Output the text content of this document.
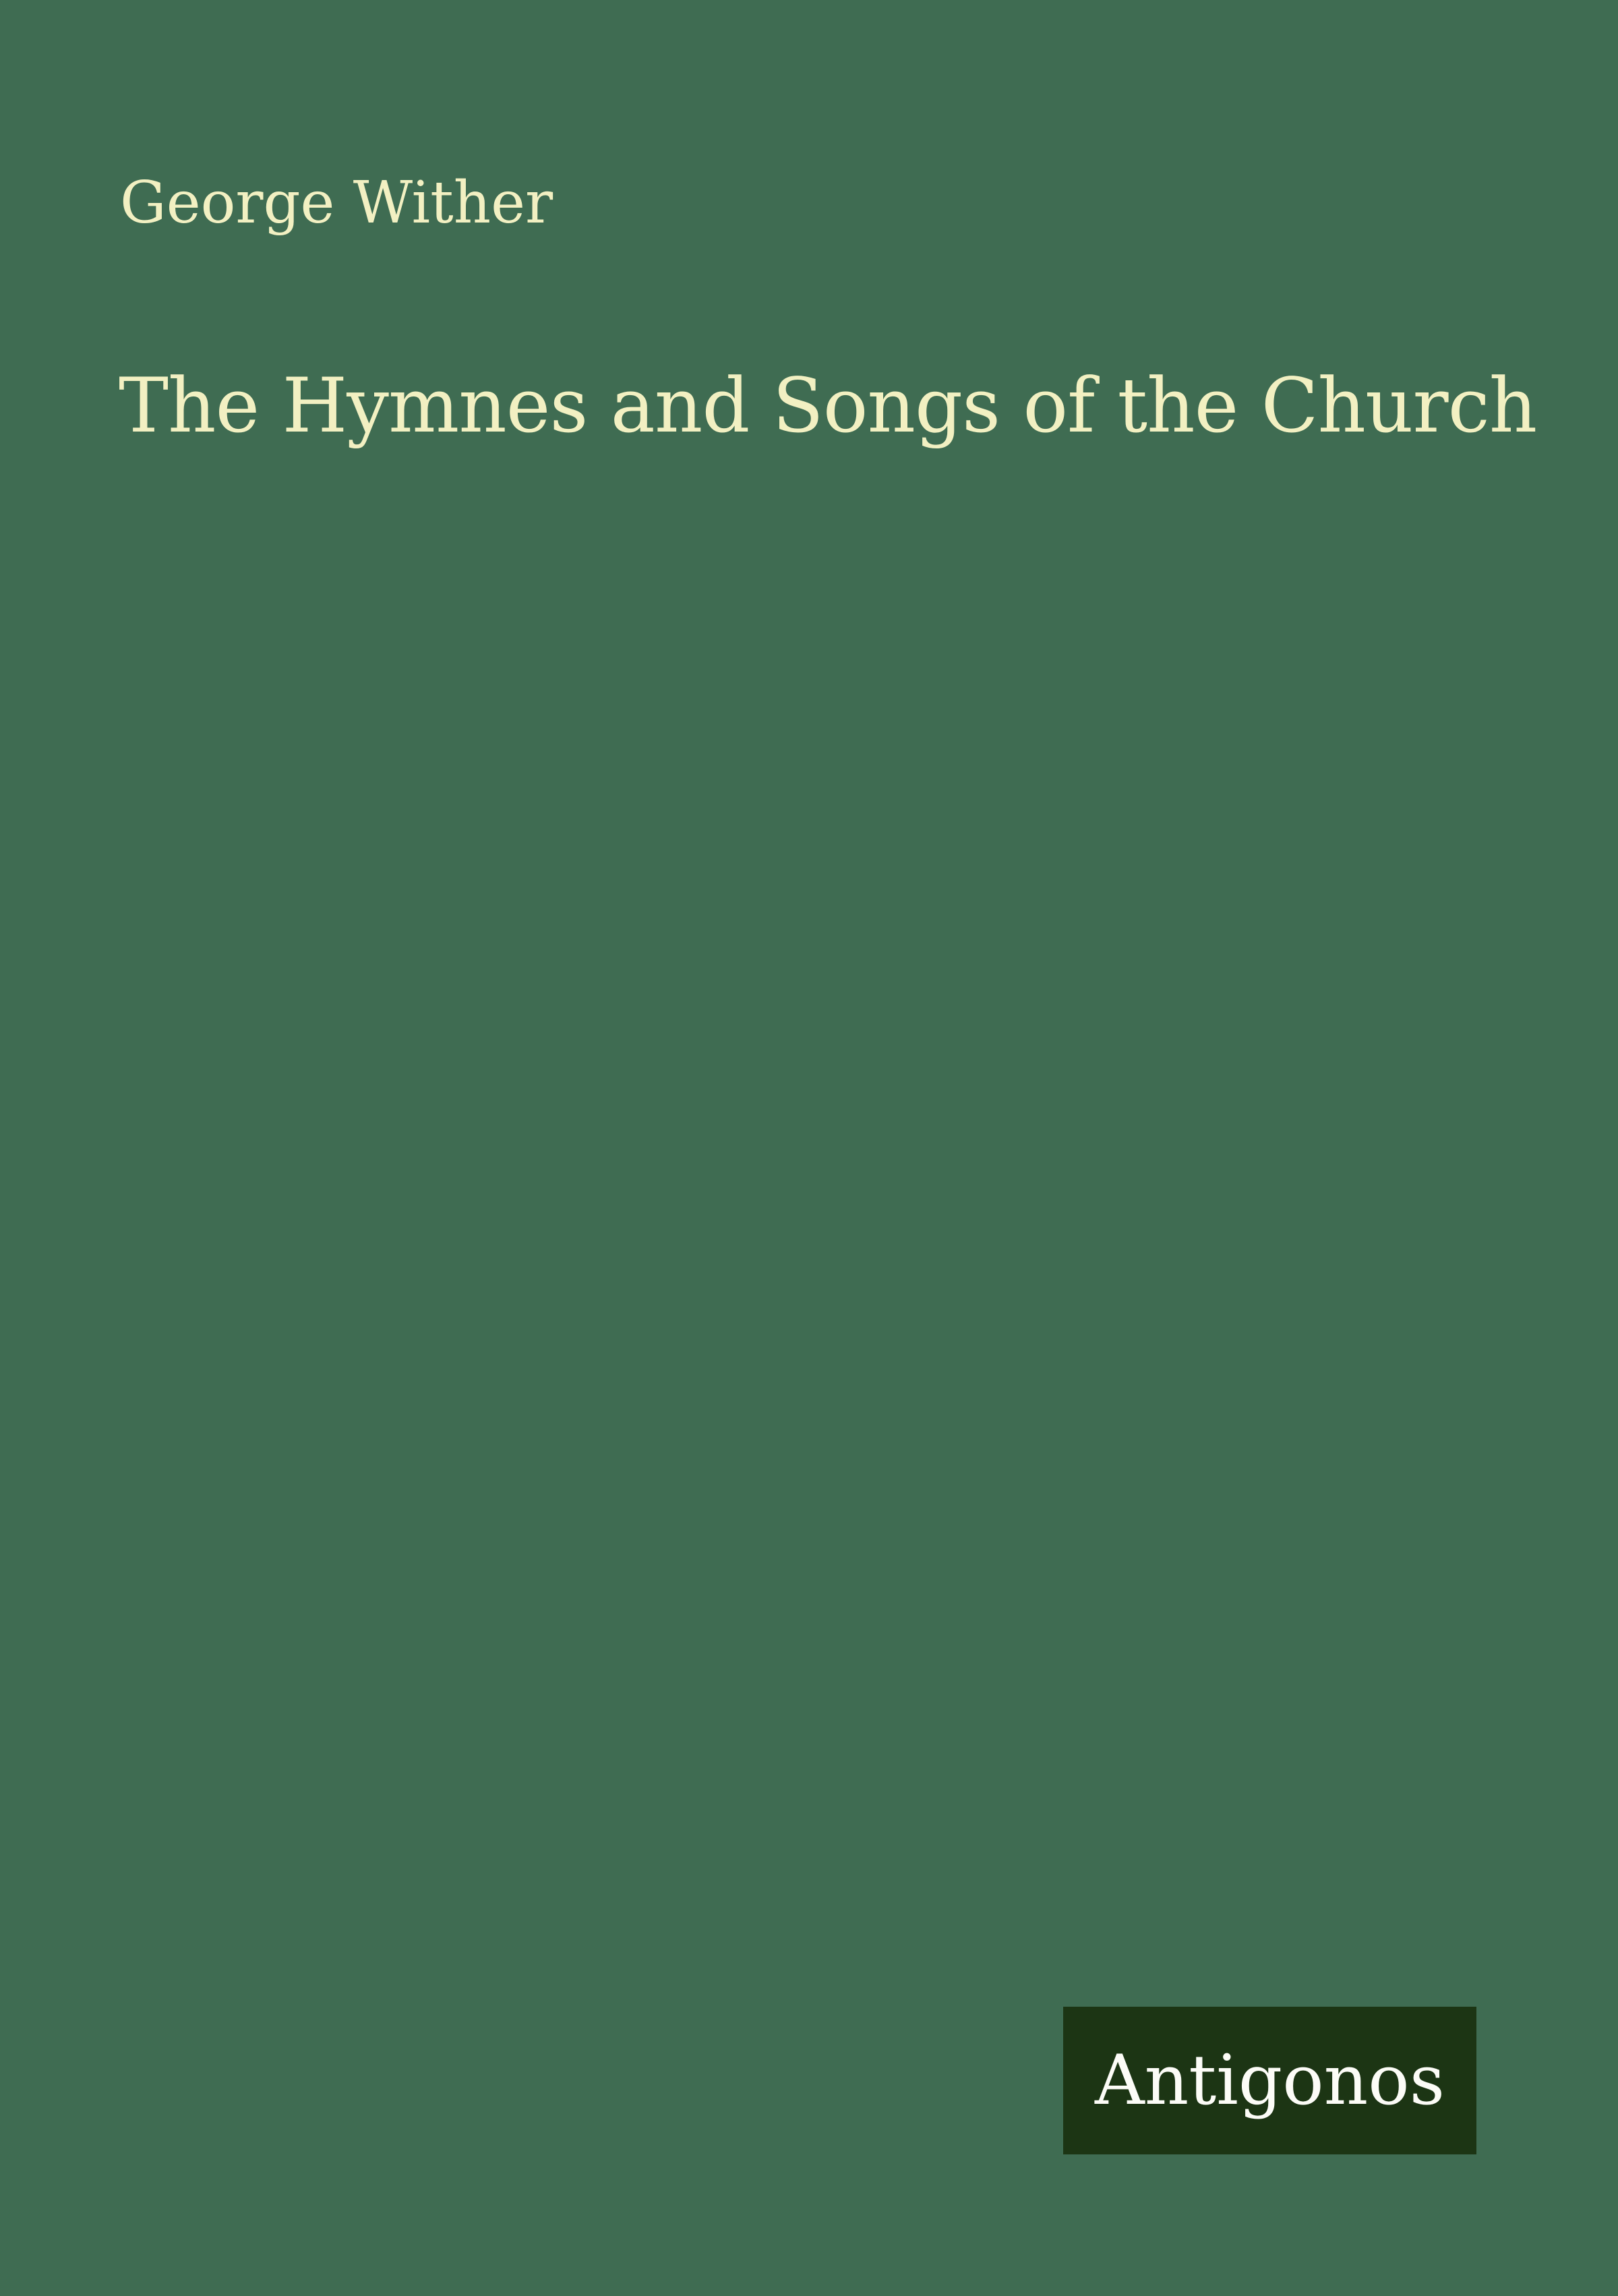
George Wither
The Hymnes and Songs of the Church
Antigonos
